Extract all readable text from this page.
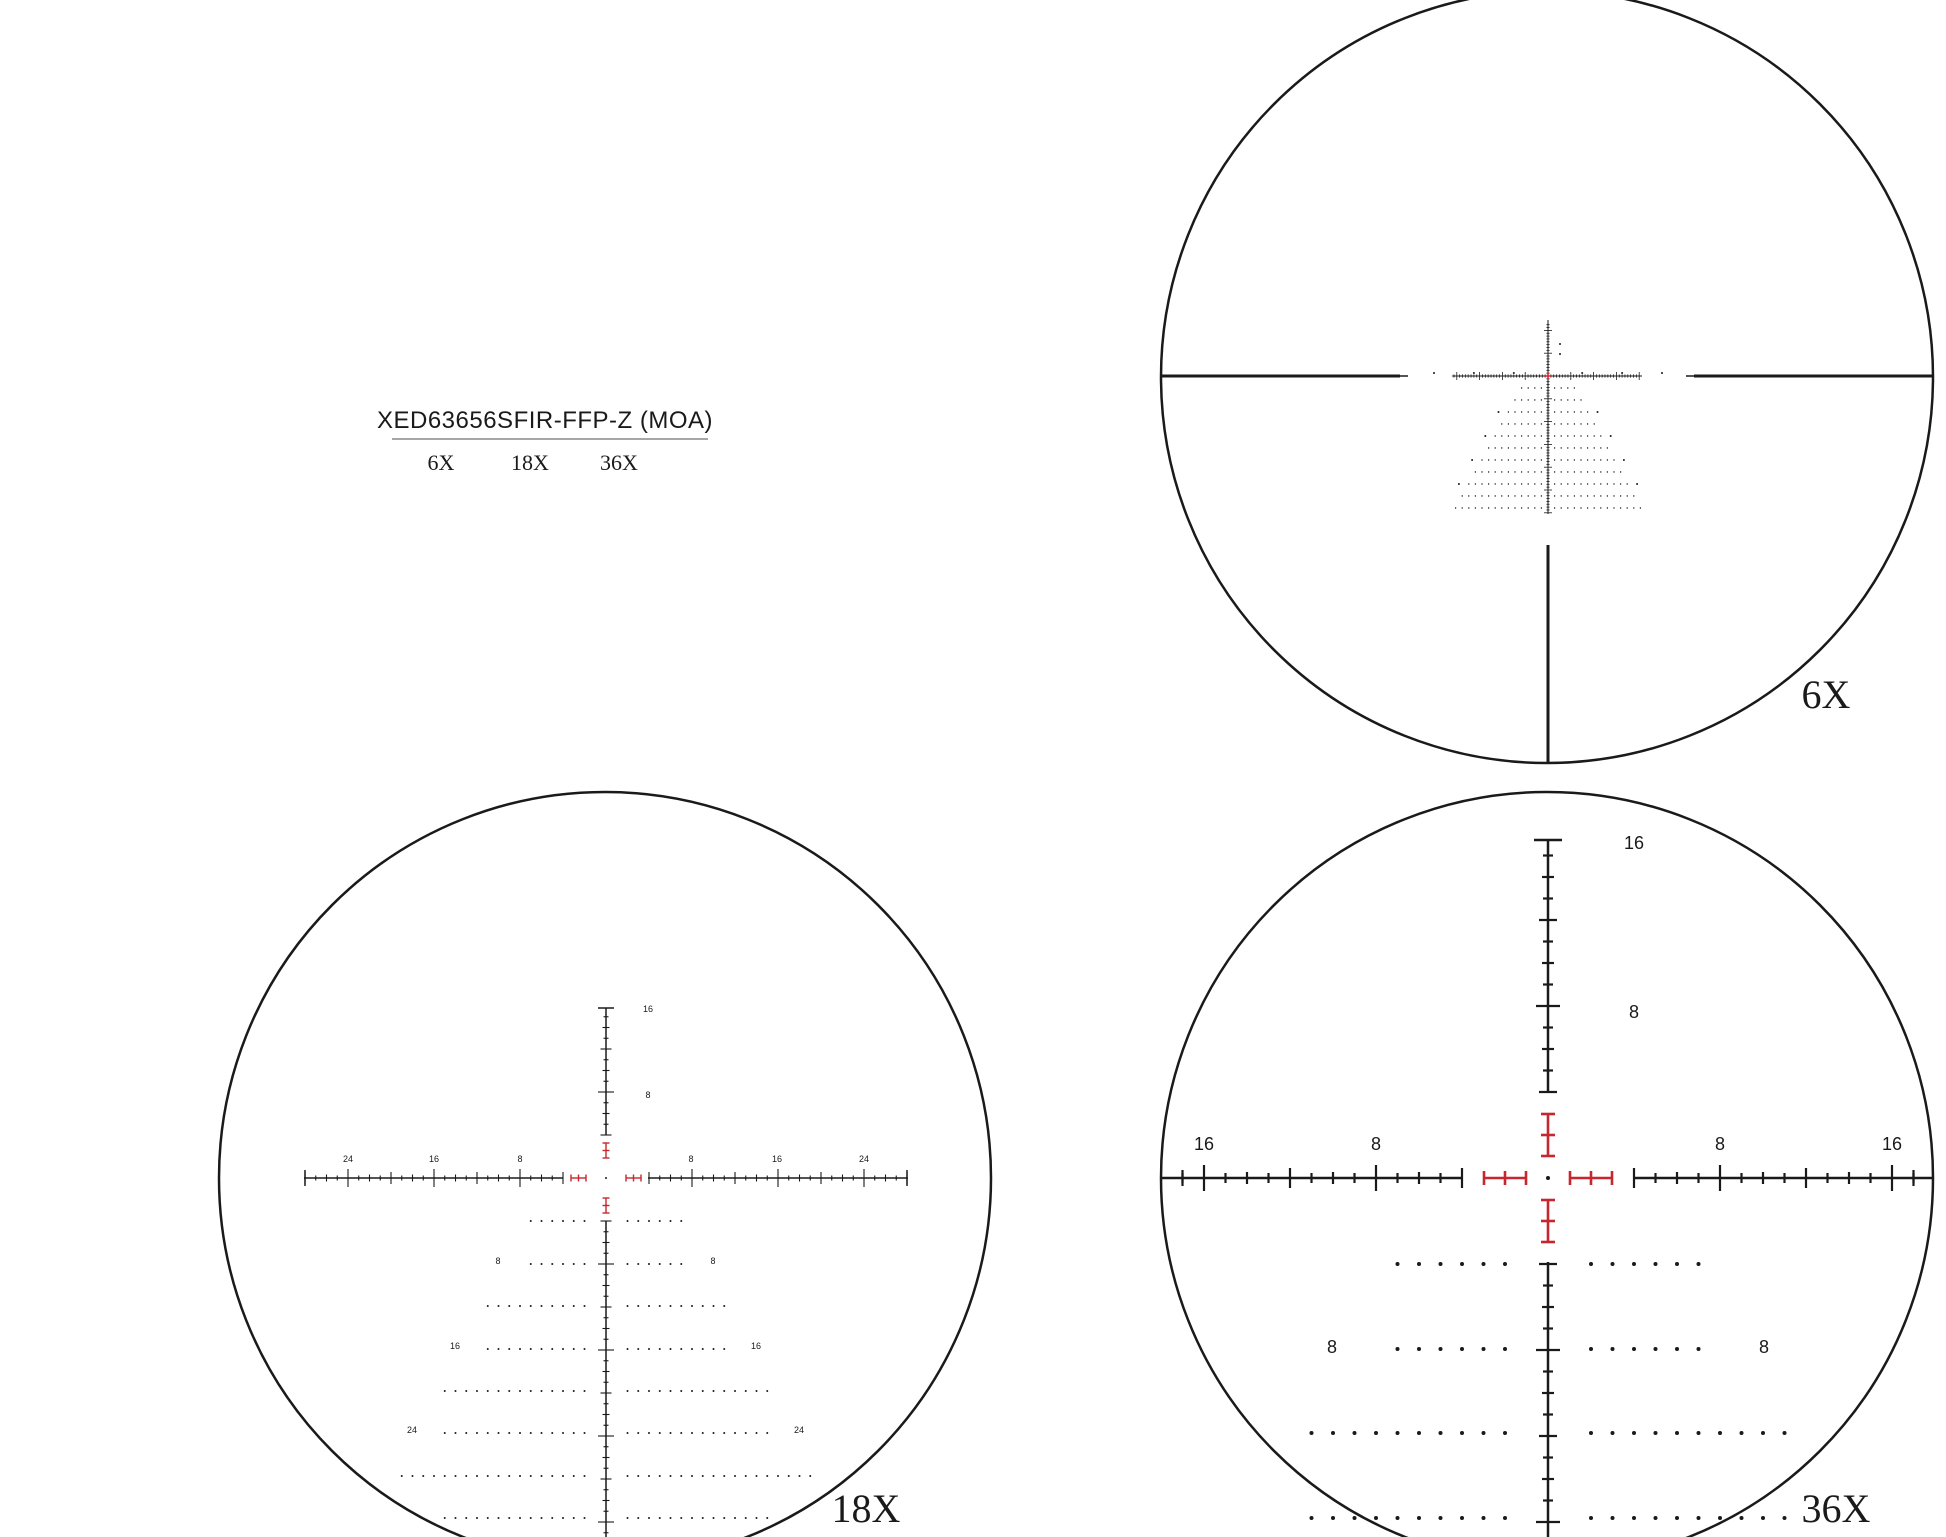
XED63656SFIR-FFP-Z (MOA)
6X	18X 36X
6X
24	16	8	8	16	24
16
8
8	8
16	16
24	24
18X
16	8	8	16
16
8
8	8
36X
